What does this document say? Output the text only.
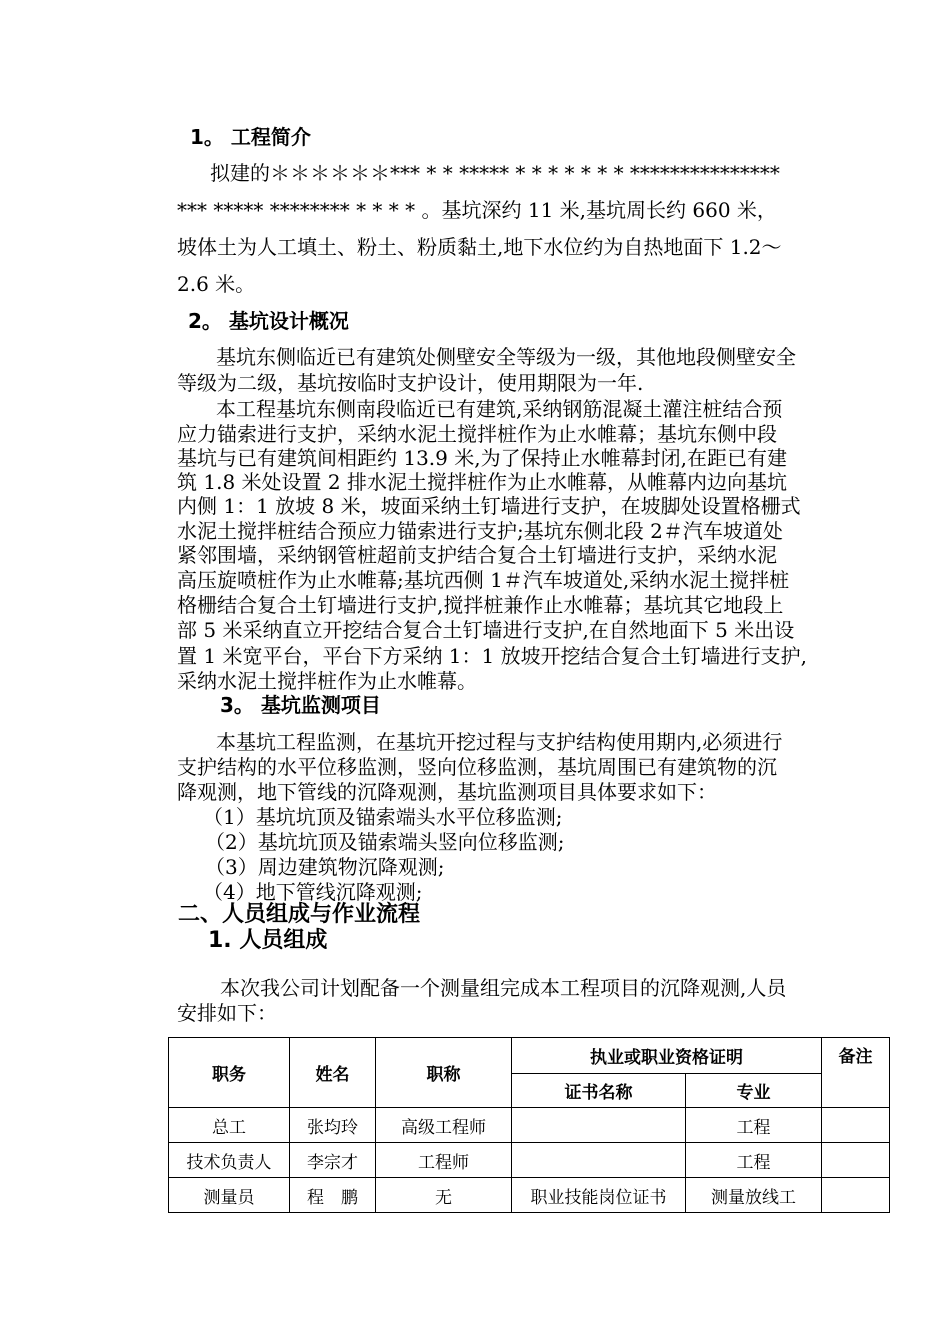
1。 工程简介
拟建的＊＊＊＊＊＊*** * * ***** * * * * * * * ***************
*** ***** ******** * * * * 。基坑深约 11 米,基坑周长约 660 米，
坡体土为人工填土、粉土、粉质黏土,地下水位约为自热地面下 1.2～
2.6 米。
2。 基坑设计概况
基坑东侧临近已有建筑处侧壁安全等级为一级，其他地段侧壁安全
等级为二级，基坑按临时支护设计，使用期限为一年.
本工程基坑东侧南段临近已有建筑,采纳钢筋混凝土灌注桩结合预
应力锚索进行支护，采纳水泥土搅拌桩作为止水帷幕；基坑东侧中段
基坑与已有建筑间相距约 13.9 米,为了保持止水帷幕封闭,在距已有建
筑 1.8 米处设置 2 排水泥土搅拌桩作为止水帷幕，从帷幕内边向基坑
内侧 1：1 放坡 8 米，坡面采纳土钉墙进行支护，在坡脚处设置格栅式
水泥土搅拌桩结合预应力锚索进行支护;基坑东侧北段 2＃汽车坡道处
紧邻围墙，采纳钢管桩超前支护结合复合土钉墙进行支护，采纳水泥
高压旋喷桩作为止水帷幕;基坑西侧 1＃汽车坡道处,采纳水泥土搅拌桩
格栅结合复合土钉墙进行支护,搅拌桩兼作止水帷幕；基坑其它地段上
部 5 米采纳直立开挖结合复合土钉墙进行支护,在自然地面下 5 米出设
置 1 米宽平台，平台下方采纳 1：1 放坡开挖结合复合土钉墙进行支护,
采纳水泥土搅拌桩作为止水帷幕。
3。 基坑监测项目
本基坑工程监测，在基坑开挖过程与支护结构使用期内,必须进行
支护结构的水平位移监测，竖向位移监测，基坑周围已有建筑物的沉
降观测，地下管线的沉降观测，基坑监测项目具体要求如下：
（1）基坑坑顶及锚索端头水平位移监测;
（2）基坑坑顶及锚索端头竖向位移监测;
（3）周边建筑物沉降观测;
（4）地下管线沉降观测;
二、人员组成与作业流程
1. 人员组成
本次我公司计划配备一个测量组完成本工程项目的沉降观测,人员
安排如下：
职务	姓名	职称	执业或职业资格证明		备注
			证书名称	专业	
总工	张均玲	高级工程师		工程	
技术负责人	李宗才	工程师		工程	
测量员	程　鹏	无	职业技能岗位证书	测量放线工	
